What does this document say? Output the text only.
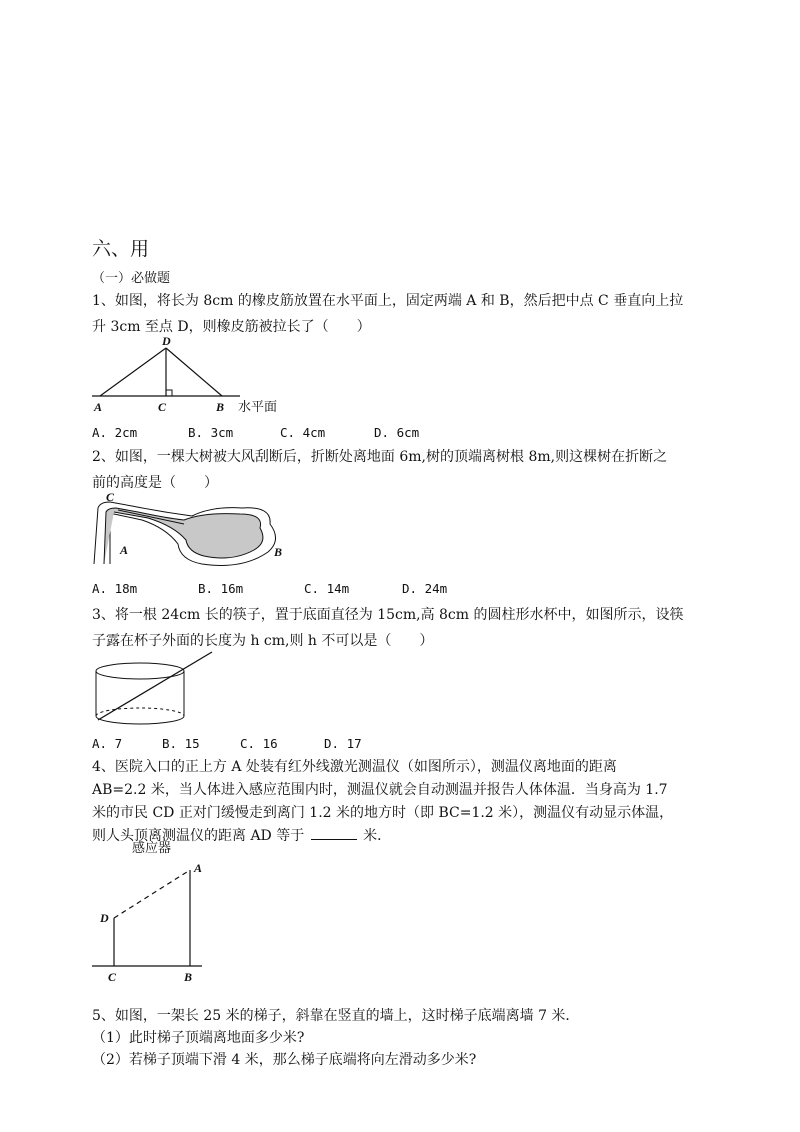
六、用
（一）必做题
1、如图，将长为 8cm 的橡皮筋放置在水平面上，固定两端 A 和 B，然后把中点 C 垂直向上拉
升 3cm 至点 D，则橡皮筋被拉长了（　　）
D
A	C	B 水平面
A. 2cm	B. 3cm	C. 4cm	D. 6cm
2、如图，一棵大树被大风刮断后，折断处离地面 6m,树的顶端离树根 8m,则这棵树在折断之
前的高度是（　　）
C
A	B
A. 18m	B. 16m	C. 14m	D. 24m
3、将一根 24cm 长的筷子，置于底面直径为 15cm,高 8cm 的圆柱形水杯中，如图所示，设筷
子露在杯子外面的长度为 h cm,则 h 不可以是（　　）
A. 7	B. 15	C. 16	D. 17
4、医院入口的正上方 A 处装有红外线激光测温仪（如图所示），测温仪离地面的距离
AB=2.2 米，当人体进入感应范围内时，测温仪就会自动测温并报告人体体温．当身高为 1.7
米的市民 CD 正对门缓慢走到离门 1.2 米的地方时（即 BC=1.2 米），测温仪有动显示体温，
则人头顶离测温仪的距离 AD 等于	米．
感应器
A
D
C	B
5、如图，一架长 25 米的梯子，斜靠在竖直的墙上，这时梯子底端离墙 7 米．
（1）此时梯子顶端离地面多少米?
（2）若梯子顶端下滑 4 米，那么梯子底端将向左滑动多少米?
